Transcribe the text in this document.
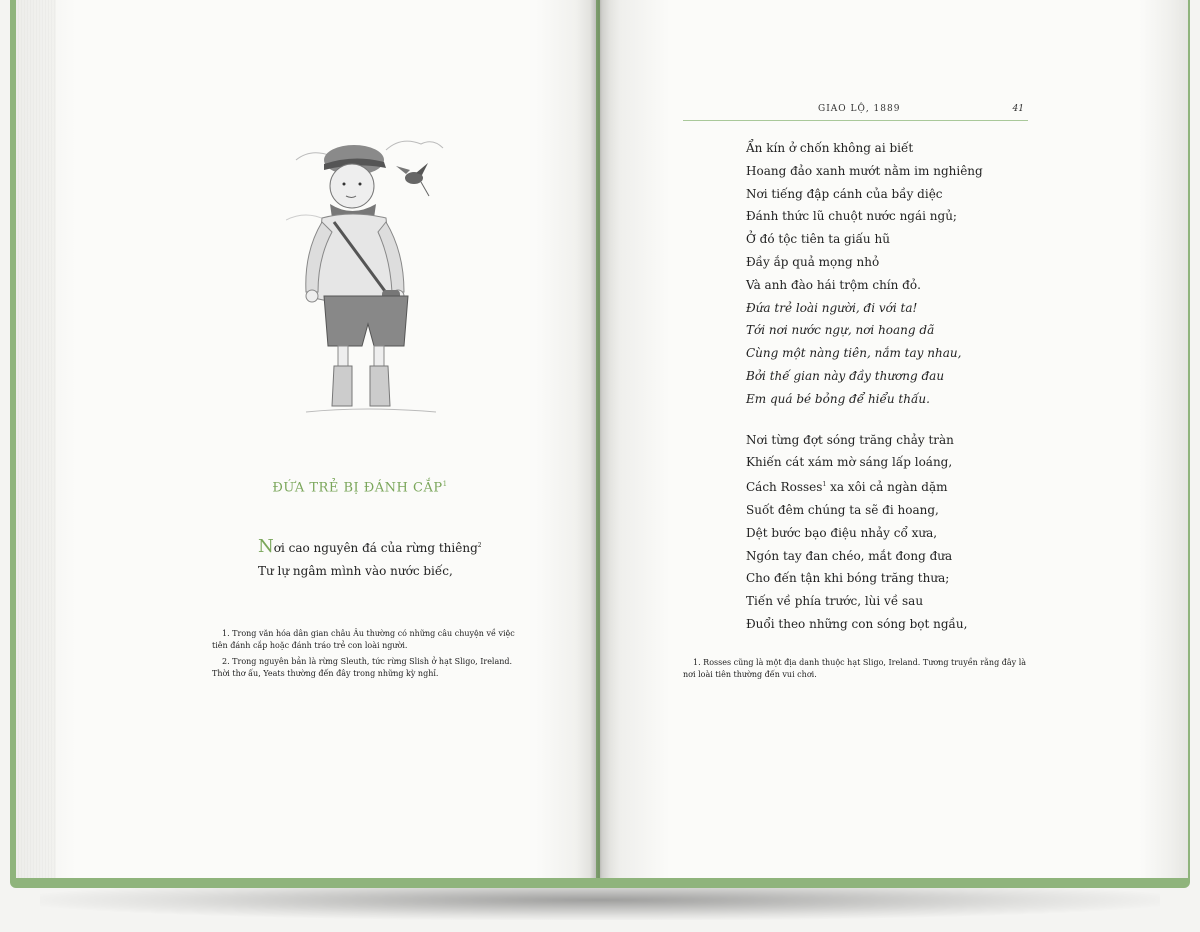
ĐỨA TRẺ BỊ ĐÁNH CẮP$^1$
Nơi cao nguyên đá của rừng thiêng$^2$
Tư lự ngâm mình vào nước biếc,

1. Trong văn hóa dân gian châu Âu thường có những câu chuyện về việc tiên đánh cắp hoặc đánh tráo trẻ con loài người.

2. Trong nguyên bản là rừng Sleuth, tức rừng Slish ở hạt Sligo, Ireland. Thời thơ ấu, Yeats thường đến đây trong những kỳ nghỉ.

GIAO LỘ, 1889	41
Ẩn kín ở chốn không ai biết
Hoang đảo xanh mướt nằm im nghiêng
Nơi tiếng đập cánh của bầy diệc
Đánh thức lũ chuột nước ngái ngủ;
Ở đó tộc tiên ta giấu hũ
Đầy ắp quả mọng nhỏ
Và anh đào hái trộm chín đỏ.
Đứa trẻ loài người, đi với ta!
Tới nơi nước ngự, nơi hoang dã
Cùng một nàng tiên, nắm tay nhau,
Bởi thế gian này đầy thương đau
Em quá bé bỏng để hiểu thấu.
Nơi từng đợt sóng trăng chảy tràn
Khiến cát xám mờ sáng lấp loáng,
Cách Rosses$^1$ xa xôi cả ngàn dặm
Suốt đêm chúng ta sẽ đi hoang,
Dệt bước bạo điệu nhảy cổ xưa,
Ngón tay đan chéo, mắt đong đưa
Cho đến tận khi bóng trăng thưa;
Tiến về phía trước, lùi về sau
Đuổi theo những con sóng bọt ngầu,

1. Rosses cũng là một địa danh thuộc hạt Sligo, Ireland. Tương truyền rằng đây là nơi loài tiên thường đến vui chơi.
